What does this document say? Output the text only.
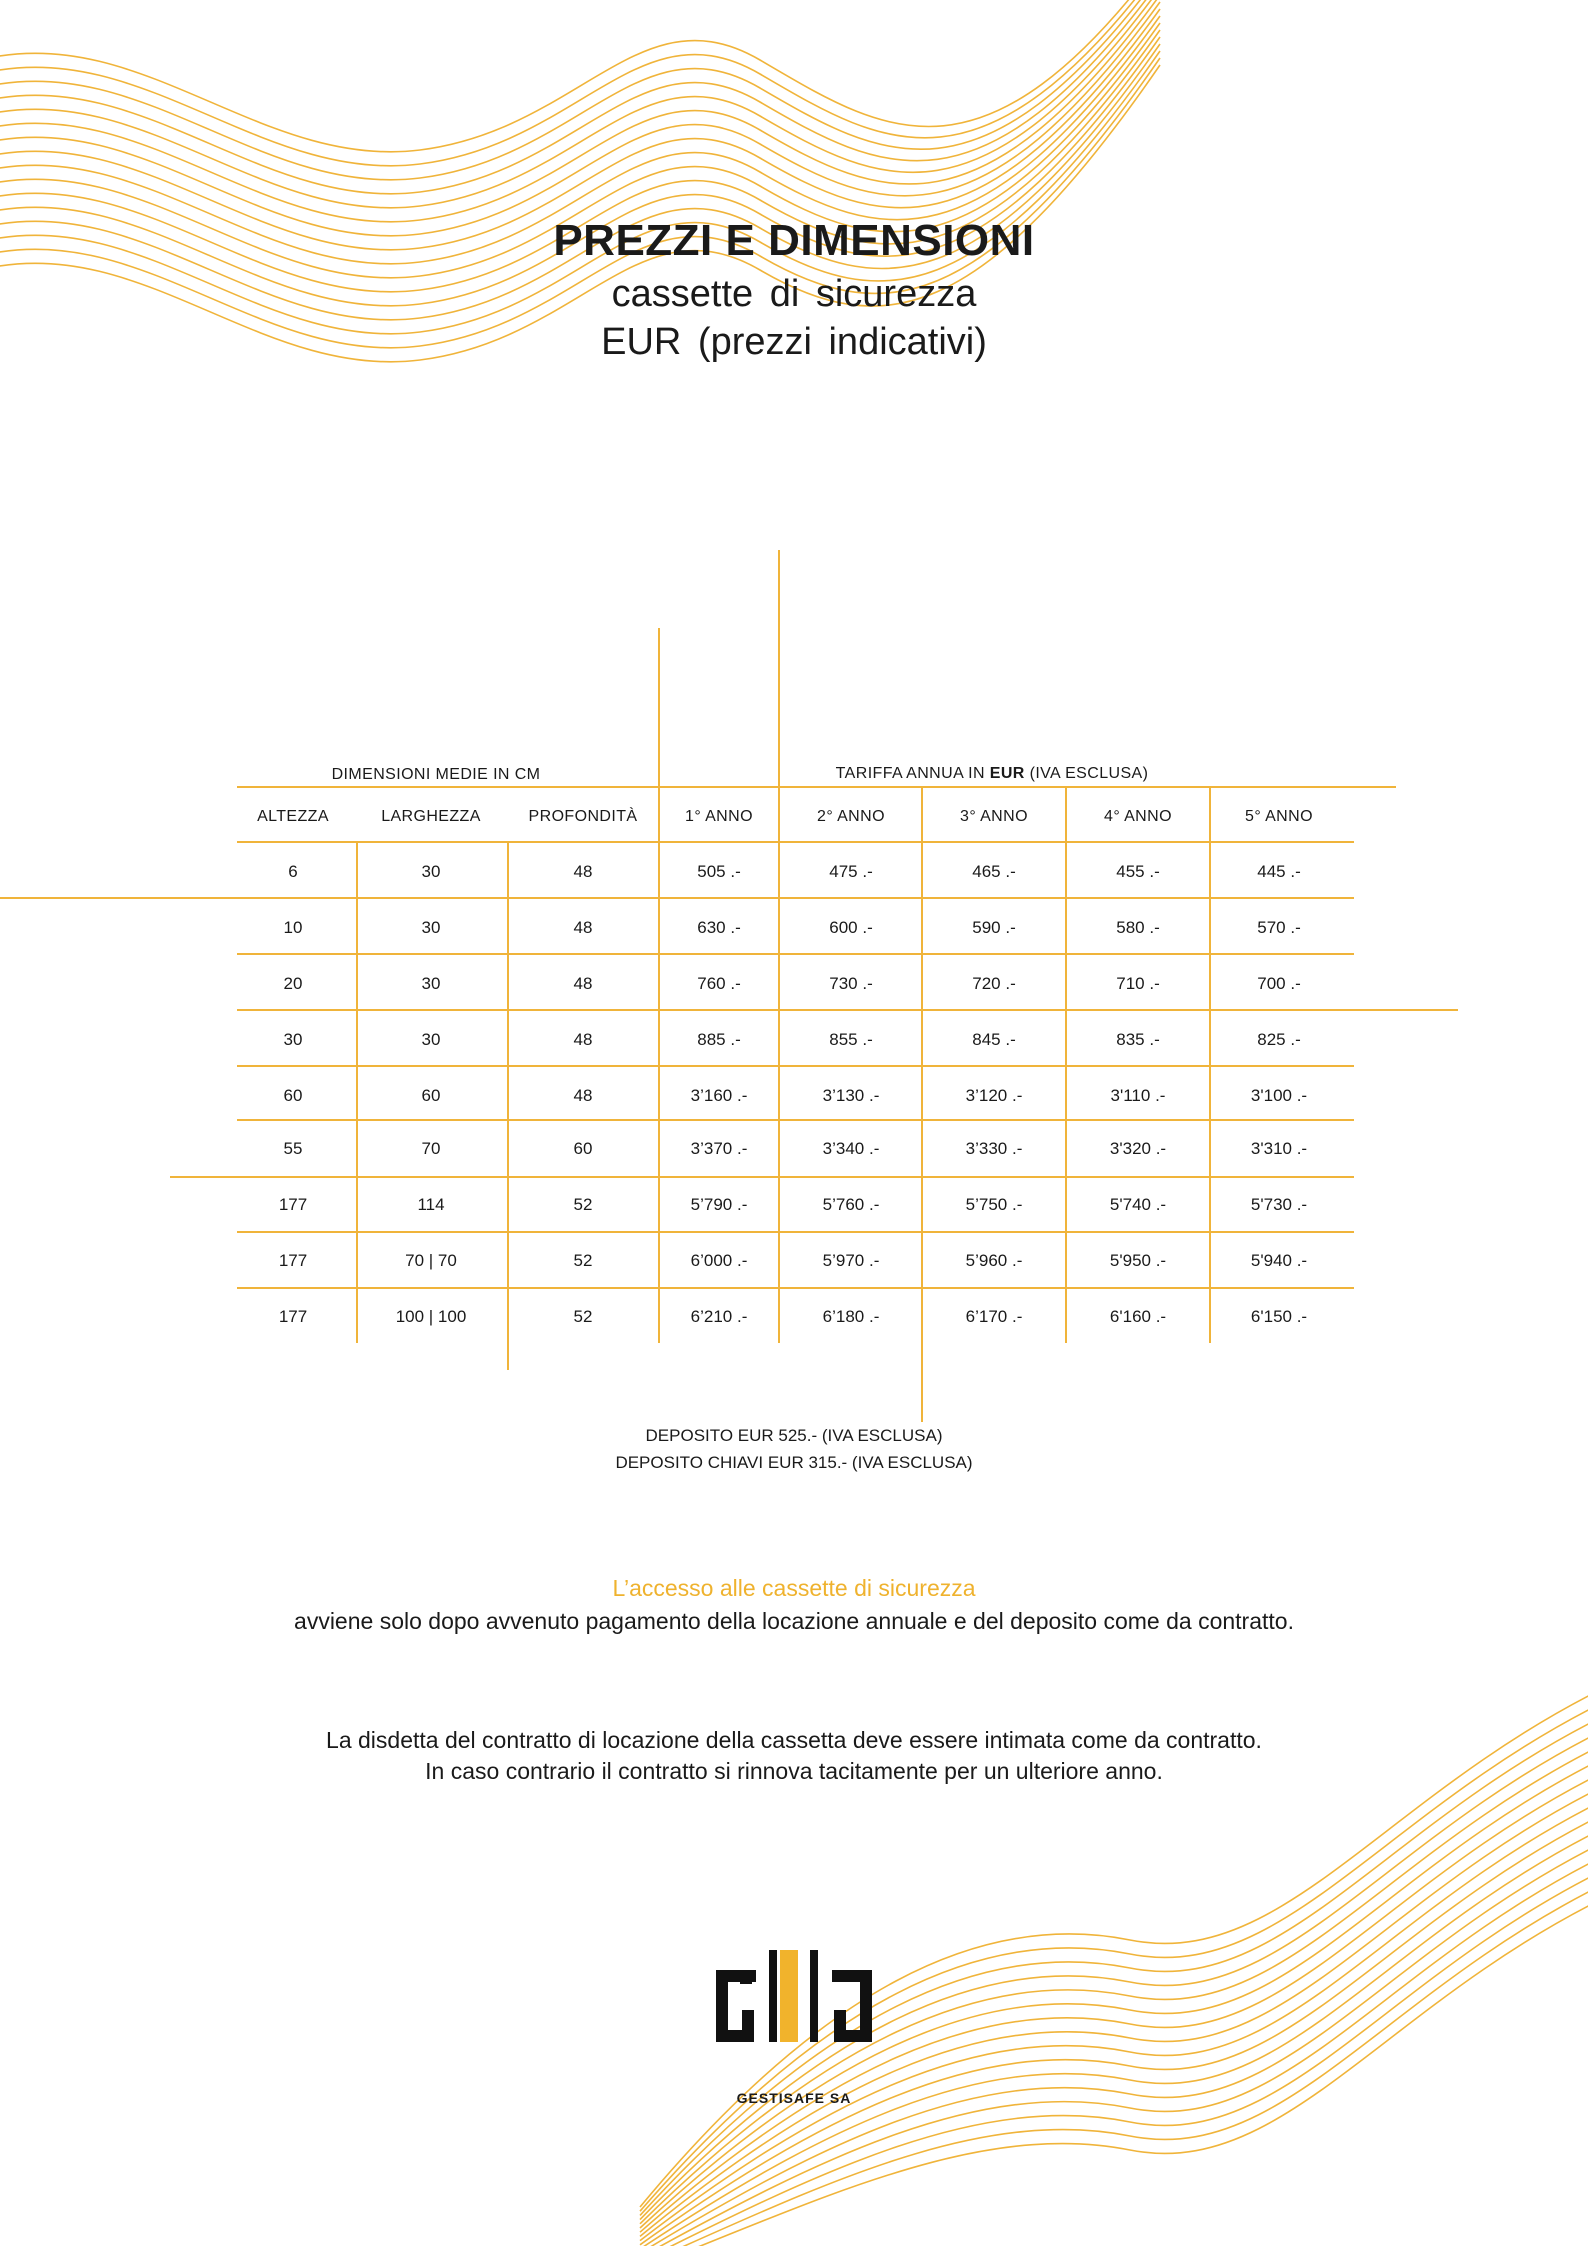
PREZZI E DIMENSIONI

cassette di sicurezza

EUR (prezzi indicativi)

DIMENSIONI MEDIE IN CM	TARIFFA ANNUA IN EUR (IVA ESCLUSA)
ALTEZZA	LARGHEZZA	PROFONDITÀ	1° ANNO	2° ANNO	3° ANNO	4° ANNO	5° ANNO
6	30	48	505 .-	475 .-	465 .-	455 .-	445 .-
10	30	48	630 .-	600 .-	590 .-	580 .-	570 .-
20	30	48	760 .-	730 .-	720 .-	710 .-	700 .-
30	30	48	885 .-	855 .-	845 .-	835 .-	825 .-
60	60	48	3’160 .-	3’130 .-	3’120 .-	3'110 .-	3'100 .-
55	70	60	3’370 .-	3’340 .-	3’330 .-	3'320 .-	3'310 .-
177	114	52	5’790 .-	5’760 .-	5’750 .-	5'740 .-	5'730 .-
177	70 | 70	52	6’000 .-	5’970 .-	5’960 .-	5'950 .-	5'940 .-
177	100 | 100	52	6’210 .-	6’180 .-	6’170 .-	6'160 .-	6'150 .-
DEPOSITO EUR 525.- (IVA ESCLUSA)
DEPOSITO CHIAVI EUR 315.- (IVA ESCLUSA)
L’accesso alle cassette di sicurezza
avviene solo dopo avvenuto pagamento della locazione annuale e del deposito come da contratto.
La disdetta del contratto di locazione della cassetta deve essere intimata come da contratto.
In caso contrario il contratto si rinnova tacitamente per un ulteriore anno.
GESTISAFE SA
